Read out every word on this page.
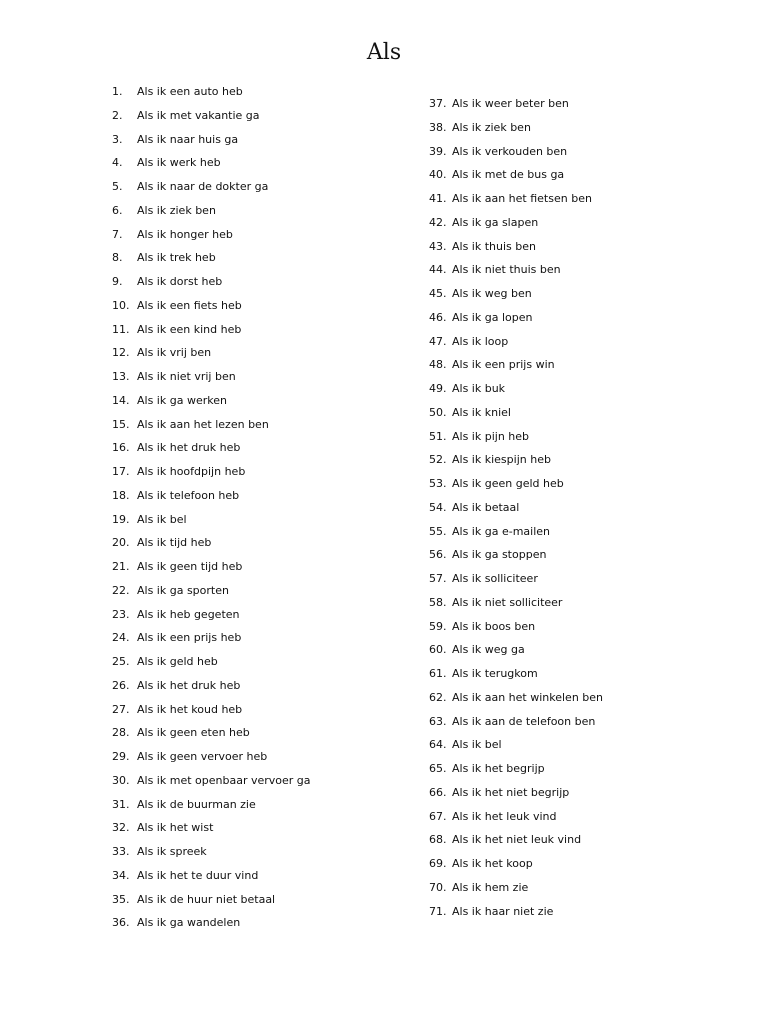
Als
1. Als ik een auto heb
2. Als ik met vakantie ga
3. Als ik naar huis ga
4. Als ik werk heb
5. Als ik naar de dokter ga
6. Als ik ziek ben
7. Als ik honger heb
8. Als ik trek heb
9. Als ik dorst heb
10. Als ik een fiets heb
11. Als ik een kind heb
12. Als ik vrij ben
13. Als ik niet vrij ben
14. Als ik ga werken
15. Als ik aan het lezen ben
16. Als ik het druk heb
17. Als ik hoofdpijn heb
18. Als ik telefoon heb
19. Als ik bel
20. Als ik tijd heb
21. Als ik geen tijd heb
22. Als ik ga sporten
23. Als ik heb gegeten
24. Als ik een prijs heb
25. Als ik geld heb
26. Als ik het druk heb
27. Als ik het koud heb
28. Als ik geen eten heb
29. Als ik geen vervoer heb
30. Als ik met openbaar vervoer ga
31. Als ik de buurman zie
32. Als ik het wist
33. Als ik spreek
34. Als ik het te duur vind
35. Als ik de huur niet betaal
36. Als ik ga wandelen
37. Als ik weer beter ben
38. Als ik ziek ben
39. Als ik verkouden ben
40. Als ik met de bus ga
41. Als ik aan het fietsen ben
42. Als ik ga slapen
43. Als ik thuis ben
44. Als ik niet thuis ben
45. Als ik weg ben
46. Als ik ga lopen
47. Als ik loop
48. Als ik een prijs win
49. Als ik buk
50. Als ik kniel
51. Als ik pijn heb
52. Als ik kiespijn heb
53. Als ik geen geld heb
54. Als ik betaal
55. Als ik ga e-mailen
56. Als ik ga stoppen
57. Als ik solliciteer
58. Als ik niet solliciteer
59. Als ik boos ben
60. Als ik weg ga
61. Als ik terugkom
62. Als ik aan het winkelen ben
63. Als ik aan de telefoon ben
64. Als ik bel
65. Als ik het begrijp
66. Als ik het niet begrijp
67. Als ik het leuk vind
68. Als ik het niet leuk vind
69. Als ik het koop
70. Als ik hem zie
71. Als ik haar niet zie
